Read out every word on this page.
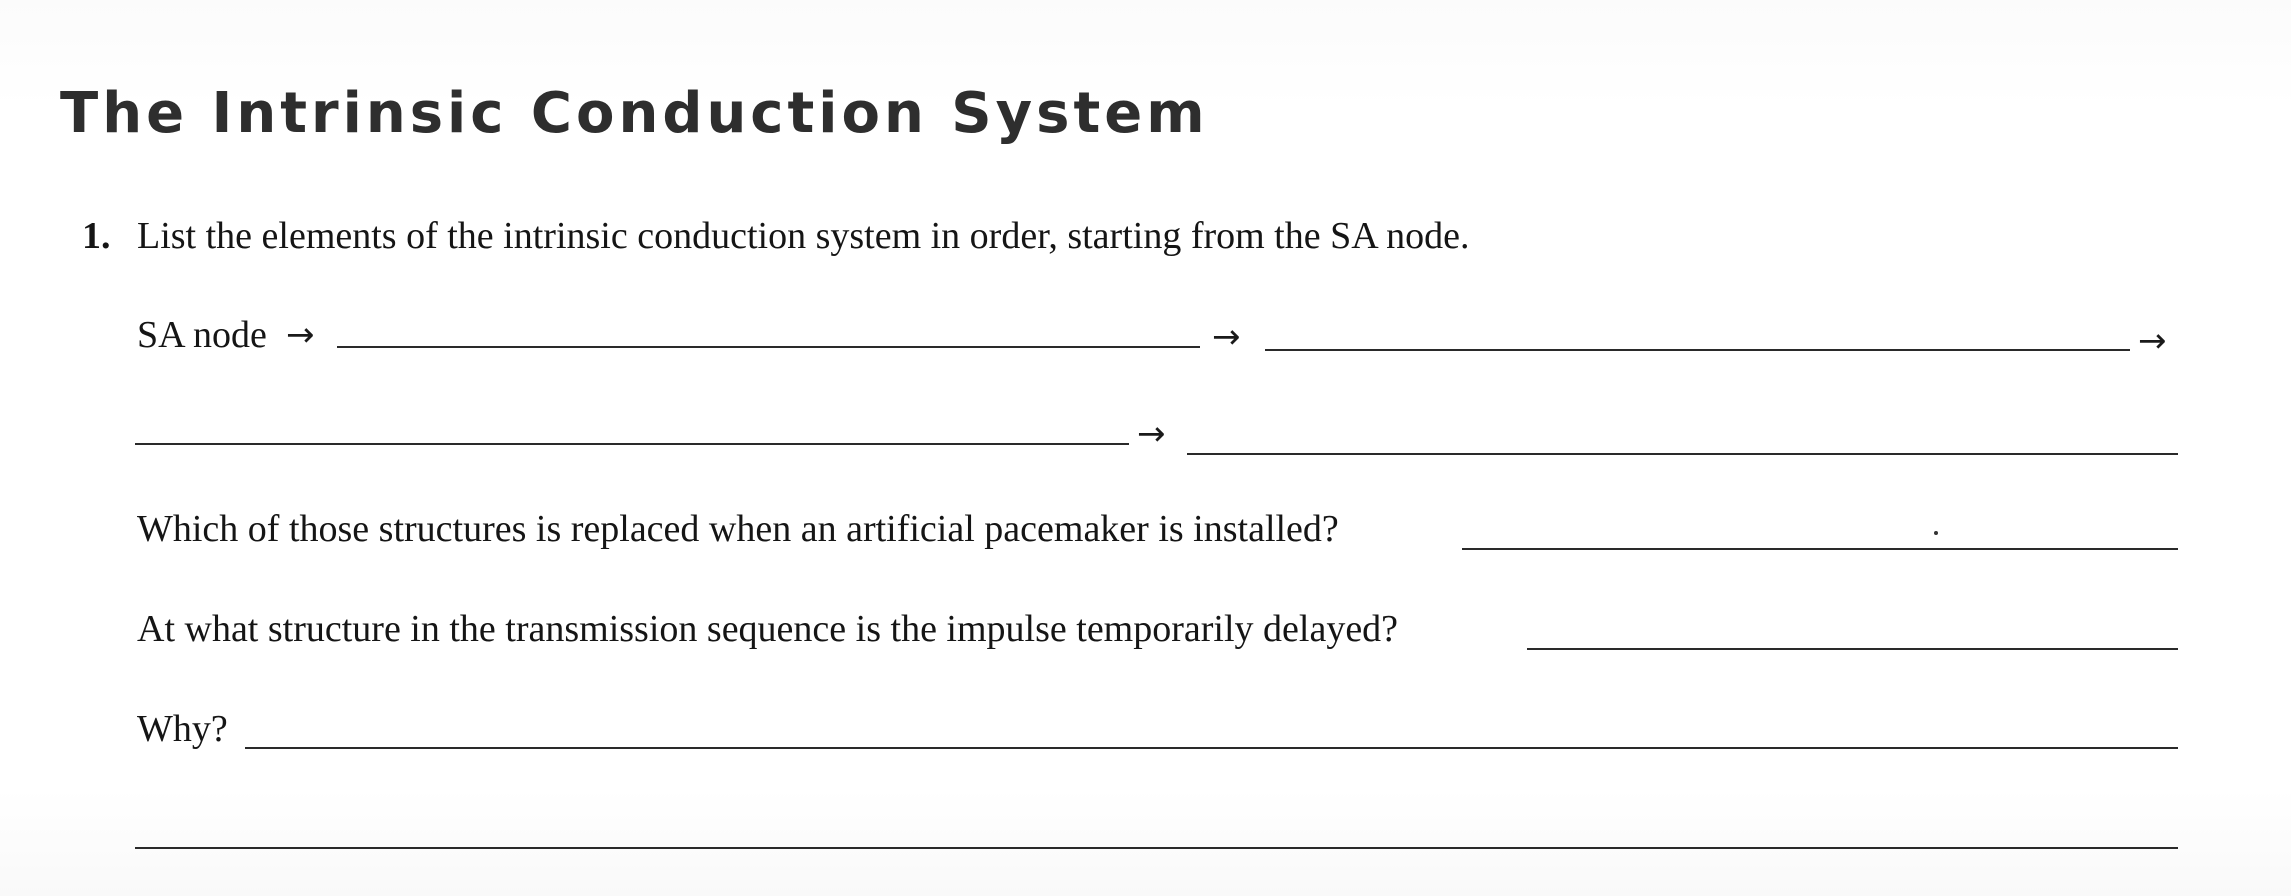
The Intrinsic Conduction System
1. List the elements of the intrinsic conduction system in order, starting from the SA node.
SA node →	→	→
→
Which of those structures is replaced when an artificial pacemaker is installed?
At what structure in the transmission sequence is the impulse temporarily delayed?
Why?
